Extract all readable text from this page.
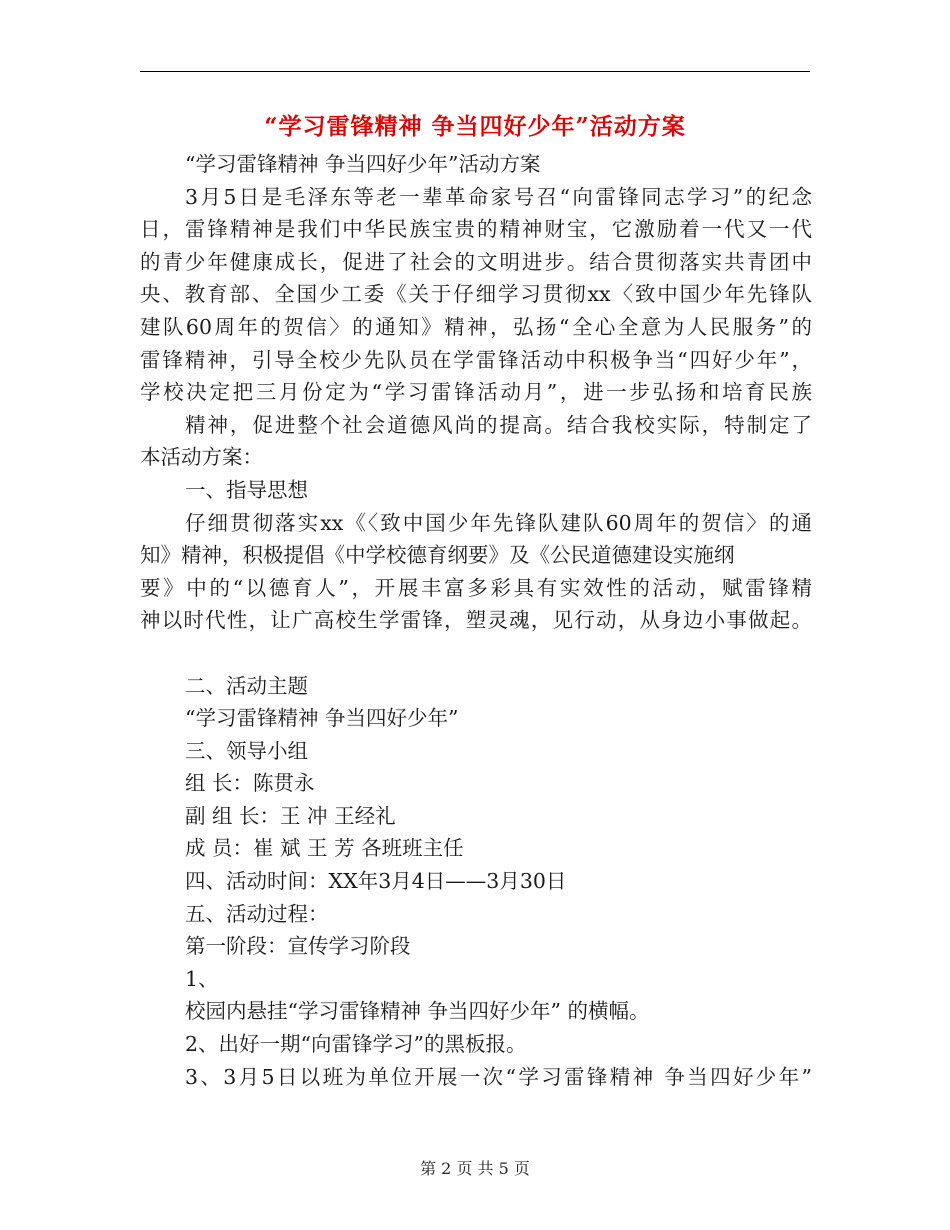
“学习雷锋精神 争当四好少年”活动方案
“学习雷锋精神 争当四好少年”活动方案
3月5日是毛泽东等老一辈革命家号召“向雷锋同志学习”的纪念
日，雷锋精神是我们中华民族宝贵的精神财宝，它激励着一代又一代
的青少年健康成长，促进了社会的文明进步。结合贯彻落实共青团中
央、教育部、全国少工委《关于仔细学习贯彻xx〈致中国少年先锋队
建队60周年的贺信〉的通知》精神，弘扬“全心全意为人民服务”的
雷锋精神，引导全校少先队员在学雷锋活动中积极争当“四好少年”，
学校决定把三月份定为“学习雷锋活动月”，进一步弘扬和培育民族
精神，促进整个社会道德风尚的提高。结合我校实际，特制定了
本活动方案：
一、指导思想
仔细贯彻落实xx《〈致中国少年先锋队建队60周年的贺信〉的通
知》精神，积极提倡《中学校德育纲要》及《公民道德建设实施纲
要》中的“以德育人”，开展丰富多彩具有实效性的活动，赋雷锋精
神以时代性，让广高校生学雷锋，塑灵魂，见行动，从身边小事做起。
二、活动主题
“学习雷锋精神 争当四好少年”
三、领导小组
组 长：陈贯永
副 组 长：王 冲 王经礼
成 员：崔 斌 王 芳 各班班主任
四、活动时间：XX年3月4日——3月30日
五、活动过程：
第一阶段：宣传学习阶段
1、
校园内悬挂“学习雷锋精神 争当四好少年” 的横幅。
2、出好一期“向雷锋学习”的黑板报。
3、3月5日以班为单位开展一次“学习雷锋精神 争当四好少年”
第 2 页 共 5 页
